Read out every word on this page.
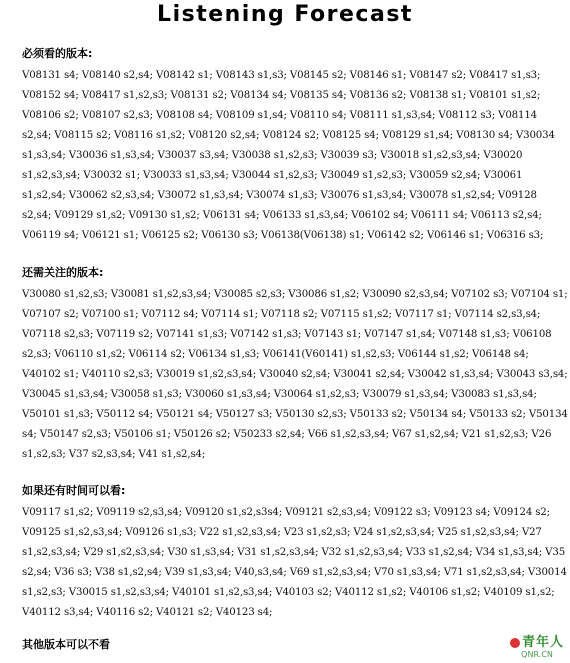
Listening Forecast
必须看的版本:
V08131 s4; V08140 s2,s4; V08142 s1; V08143 s1,s3; V08145 s2; V08146 s1; V08147 s2; V08417 s1,s3; V08152 s4; V08417 s1,s2,s3; V08131 s2; V08134 s4; V08135 s4; V08136 s2; V08138 s1; V08101 s1,s2; V08106 s2; V08107 s2,s3; V08108 s4; V08109 s1,s4; V08110 s4; V08111 s1,s3,s4; V08112 s3; V08114 s2,s4; V08115 s2; V08116 s1,s2; V08120 s2,s4; V08124 s2; V08125 s4; V08129 s1,s4; V08130 s4; V30034 s1,s3,s4; V30036 s1,s3,s4; V30037 s3,s4; V30038 s1,s2,s3; V30039 s3; V30018 s1,s2,s3,s4; V30020 s1,s2,s3,s4; V30032 s1; V30033 s1,s3,s4; V30044 s1,s2,s3; V30049 s1,s2,s3; V30059 s2,s4; V30061 s1,s2,s4; V30062 s2,s3,s4; V30072 s1,s3,s4; V30074 s1,s3; V30076 s1,s3,s4; V30078 s1,s2,s4; V09128 s2,s4; V09129 s1,s2; V09130 s1,s2; V06131 s4; V06133 s1,s3,s4; V06102 s4; V06111 s4; V06113 s2,s4; V06119 s4; V06121 s1; V06125 s2; V06130 s3; V06138(V06138) s1; V06142 s2; V06146 s1; V06316 s3;
还需关注的版本:
V30080 s1,s2,s3; V30081 s1,s2,s3,s4; V30085 s2,s3; V30086 s1,s2; V30090 s2,s3,s4; V07102 s3; V07104 s1; V07107 s2; V07100 s1; V07112 s4; V07114 s1; V07118 s2; V07115 s1,s2; V07117 s1; V07114 s2,s3,s4; V07118 s2,s3; V07119 s2; V07141 s1,s3; V07142 s1,s3; V07143 s1; V07147 s1,s4; V07148 s1,s3; V06108 s2,s3; V06110 s1,s2; V06114 s2; V06134 s1,s3; V06141(V60141) s1,s2,s3; V06144 s1,s2; V06148 s4; V40102 s1; V40110 s2,s3; V30019 s1,s2,s3,s4; V30040 s2,s4; V30041 s2,s4; V30042 s1,s3,s4; V30043 s3,s4; V30045 s1,s3,s4; V30058 s1,s3; V30060 s1,s3,s4; V30064 s1,s2,s3; V30079 s1,s3,s4; V30083 s1,s3,s4; V50101 s1,s3; V50112 s4; V50121 s4; V50127 s3; V50130 s2,s3; V50133 s2; V50134 s4; V50133 s2; V50134 s4; V50147 s2,s3; V50106 s1; V50126 s2; V50233 s2,s4; V66 s1,s2,s3,s4; V67 s1,s2,s4; V21 s1,s2,s3; V26 s1,s2,s3; V37 s2,s3,s4; V41 s1,s2,s4;
如果还有时间可以看:
V09117 s1,s2; V09119 s2,s3,s4; V09120 s1,s2,s3s4; V09121 s2,s3,s4; V09122 s3; V09123 s4; V09124 s2; V09125 s1,s2,s3,s4; V09126 s1,s3; V22 s1,s2,s3,s4; V23 s1,s2,s3; V24 s1,s2,s3,s4; V25 s1,s2,s3,s4; V27 s1,s2,s3,s4; V29 s1,s2,s3,s4; V30 s1,s3,s4; V31 s1,s2,s3,s4; V32 s1,s2,s3,s4; V33 s1,s2,s4; V34 s1,s3,s4; V35 s2,s4; V36 s3; V38 s1,s2,s4; V39 s1,s3,s4; V40,s3,s4; V69 s1,s2,s3,s4; V70 s1,s3,s4; V71 s1,s2,s3,s4; V30014 s1,s2,s3; V30015 s1,s2,s3,s4; V40101 s1,s2,s3,s4; V40103 s2; V40112 s1,s2; V40106 s1,s2; V40109 s1,s2; V40112 s3,s4; V40116 s2; V40121 s2; V40123 s4;
其他版本可以不看	青年人
QNR.CN
